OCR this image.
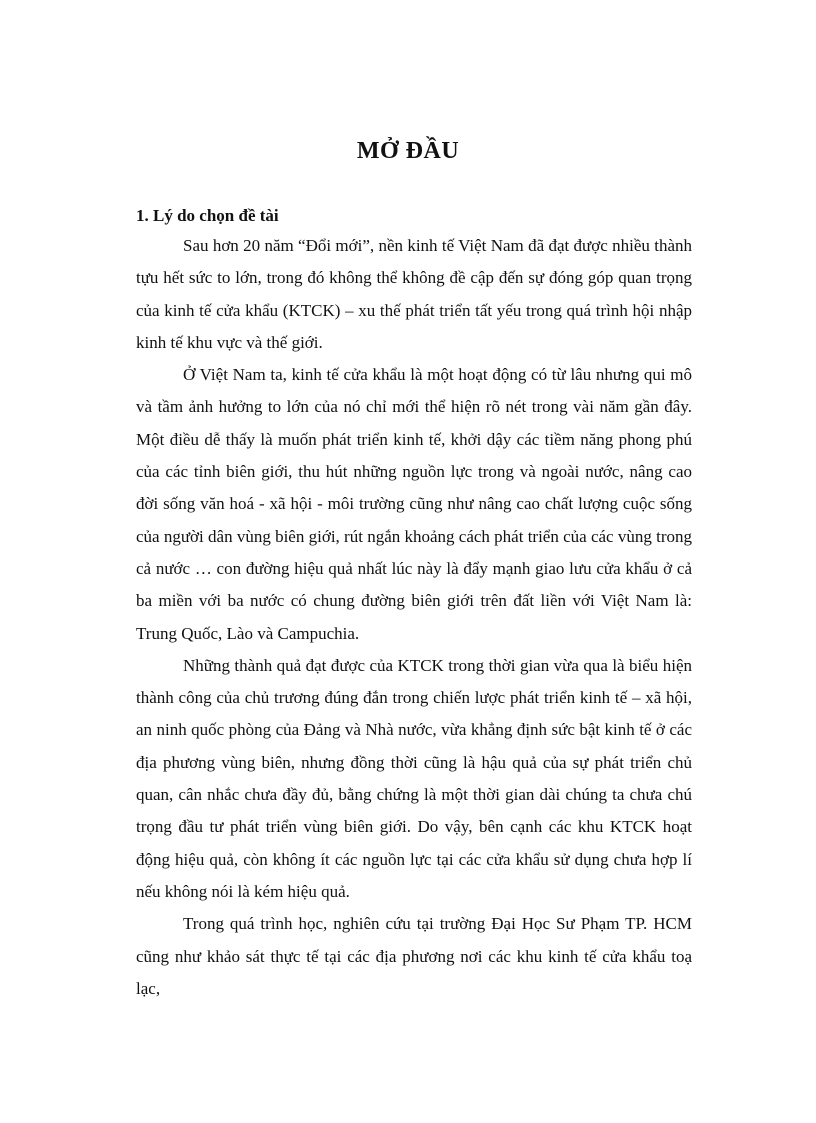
MỞ ĐẦU
1. Lý do chọn đề tài

Sau hơn 20 năm “Đổi mới”, nền kinh tế Việt Nam đã đạt được nhiều thành tựu hết sức to lớn, trong đó không thể không đề cập đến sự đóng góp quan trọng của kinh tế cửa khẩu (KTCK) – xu thế phát triển tất yếu trong quá trình hội nhập kinh tế khu vực và thế giới.

Ở Việt Nam ta, kinh tế cửa khẩu là một hoạt động có từ lâu nhưng qui mô và tầm ảnh hưởng to lớn của nó chỉ mới thể hiện rõ nét trong vài năm gần đây. Một điều dễ thấy là muốn phát triển kinh tế, khởi dậy các tiềm năng phong phú của các tỉnh biên giới, thu hút những nguồn lực trong và ngoài nước, nâng cao đời sống văn hoá - xã hội - môi trường cũng như nâng cao chất lượng cuộc sống của người dân vùng biên giới, rút ngắn khoảng cách phát triển của các vùng trong cả nước … con đường hiệu quả nhất lúc này là đẩy mạnh giao lưu cửa khẩu ở cả ba miền với ba nước có chung đường biên giới trên đất liền với Việt Nam là: Trung Quốc, Lào và Campuchia.

Những thành quả đạt được của KTCK trong thời gian vừa qua là biểu hiện thành công của chủ trương đúng đắn trong chiến lược phát triển kinh tế – xã hội, an ninh quốc phòng của Đảng và Nhà nước, vừa khẳng định sức bật kinh tế ở các địa phương vùng biên, nhưng đồng thời cũng là hậu quả của sự phát triển chủ quan, cân nhắc chưa đầy đủ, bằng chứng là một thời gian dài chúng ta chưa chú trọng đầu tư phát triển vùng biên giới. Do vậy, bên cạnh các khu KTCK hoạt động hiệu quả, còn không ít các nguồn lực tại các cửa khẩu sử dụng chưa hợp lí nếu không nói là kém hiệu quả.

Trong quá trình học, nghiên cứu tại trường Đại Học Sư Phạm TP. HCM cũng như khảo sát thực tế tại các địa phương nơi các khu kinh tế cửa khẩu toạ lạc,
